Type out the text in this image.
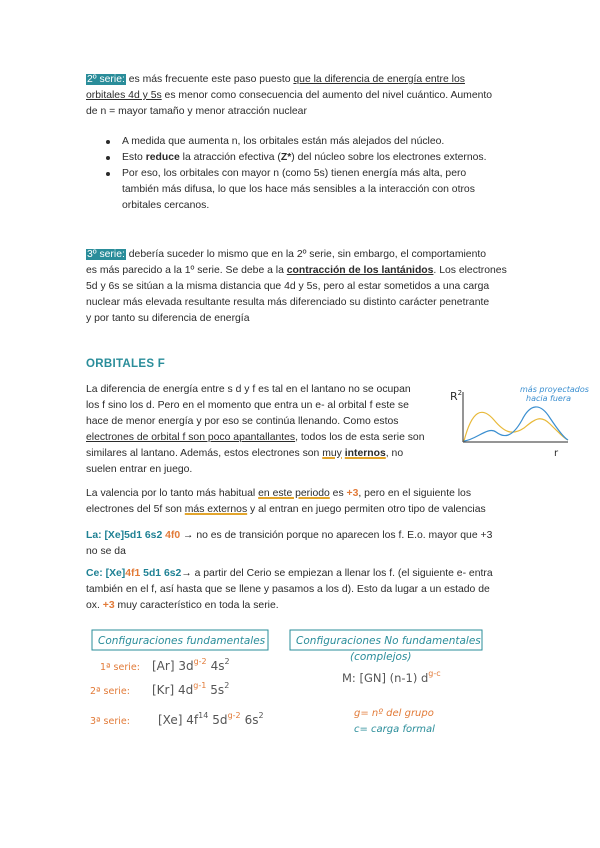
2º serie: es más frecuente este paso puesto que la diferencia de energía entre los
orbitales 4d y 5s es menor como consecuencia del aumento del nivel cuántico. Aumento
de n = mayor tamaño y menor atracción nuclear
A medida que aumenta n, los orbitales están más alejados del núcleo.
Esto reduce la atracción efectiva (Z*) del núcleo sobre los electrones externos.
Por eso, los orbitales con mayor n (como 5s) tienen energía más alta, pero
también más difusa, lo que los hace más sensibles a la interacción con otros
orbitales cercanos.
3º serie: debería suceder lo mismo que en la 2º serie, sin embargo, el comportamiento
es más parecido a la 1º serie. Se debe a la contracción de los lantánidos. Los electrones
5d y 6s se sitúan a la misma distancia que 4d y 5s, pero al estar sometidos a una carga
nuclear más elevada resultante resulta más diferenciado su distinto carácter penetrante
y por tanto su diferencia de energía
ORBITALES F
La diferencia de energía entre s d y f es tal en el lantano no se ocupan
los f sino los d. Pero en el momento que entra un e- al orbital f este se
hace de menor energía y por eso se continúa llenando. Como estos
electrones de orbital f son poco apantallantes, todos los de esta serie son
similares al lantano. Además, estos electrones son muy internos, no
suelen entrar en juego.
$R^2$
r
más proyectados
hacia fuera
La valencia por lo tanto más habitual en este periodo es +3, pero en el siguiente los
electrones del 5f son más externos y al entran en juego permiten otro tipo de valencias
La: [Xe]5d1 6s2 4f0 → no es de transición porque no aparecen los f. E.o. mayor que +3
no se da
Ce: [Xe]4f1 5d1 6s2→ a partir del Cerio se empiezan a llenar los f. (el siguiente e- entra
también en el f, así hasta que se llene y pasamos a los d). Esto da lugar a un estado de
ox. +3 muy característico en toda la serie.
Configuraciones fundamentales	Configuraciones No fundamentales
(complejos)
1ª serie: [Ar] $3d^{g-2}$ $4s^2$
2ª serie: [Kr] $4d^{g-1}$ $5s^2$
3ª serie: [Xe] $4f^{14}$ $5d^{g-2}$ $6s^2$
M: [GN] (n-1) $d^{g-c}$
g= nº del grupo
c= carga formal
